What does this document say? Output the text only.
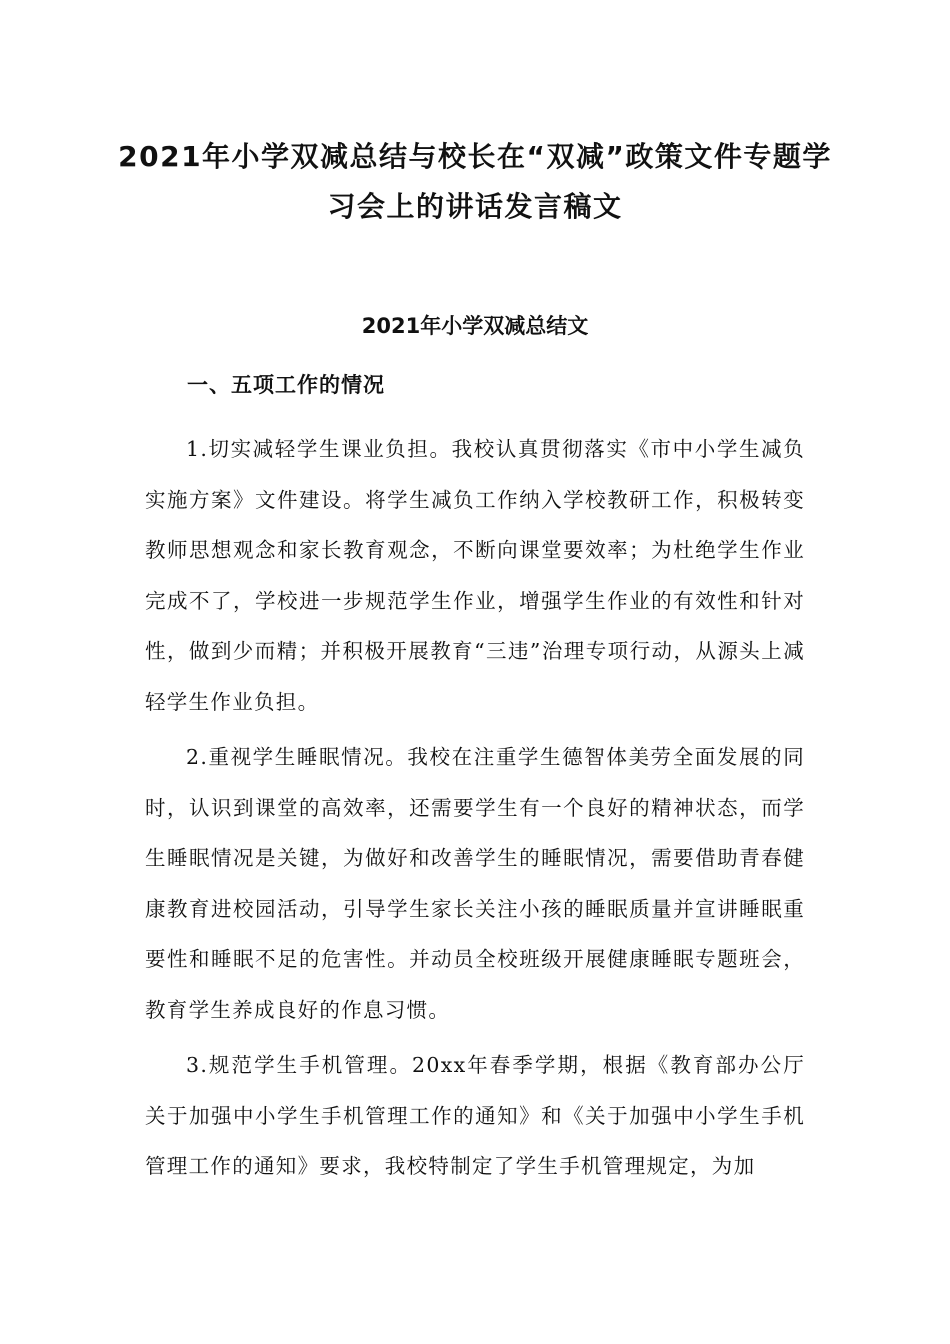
2021年小学双减总结与校长在“双减”政策文件专题学习会上的讲话发言稿文
2021年小学双减总结文
一、五项工作的情况

1.切实减轻学生课业负担。我校认真贯彻落实《市中小学生减负实施方案》文件建设。将学生减负工作纳入学校教研工作，积极转变教师思想观念和家长教育观念，不断向课堂要效率；为杜绝学生作业完成不了，学校进一步规范学生作业，增强学生作业的有效性和针对性，做到少而精；并积极开展教育“三违”治理专项行动，从源头上减轻学生作业负担。

2.重视学生睡眠情况。我校在注重学生德智体美劳全面发展的同时，认识到课堂的高效率，还需要学生有一个良好的精神状态，而学生睡眠情况是关键，为做好和改善学生的睡眠情况，需要借助青春健康教育进校园活动，引导学生家长关注小孩的睡眠质量并宣讲睡眠重要性和睡眠不足的危害性。并动员全校班级开展健康睡眠专题班会，教育学生养成良好的作息习惯。

3.规范学生手机管理。20xx年春季学期，根据《教育部办公厅关于加强中小学生手机管理工作的通知》和《关于加强中小学生手机管理工作的通知》要求，我校特制定了学生手机管理规定，为加
